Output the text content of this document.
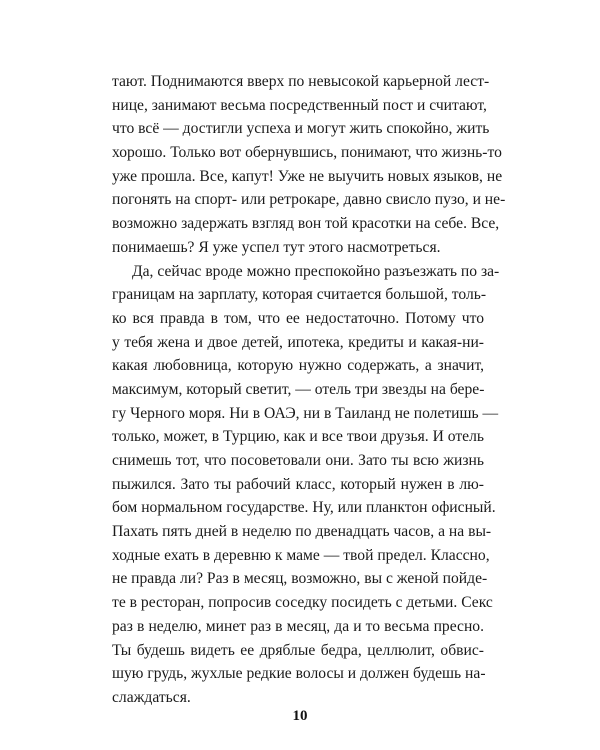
тают. Поднимаются вверх по невысокой карьерной лест-
нице, занимают весьма посредственный пост и считают,
что всё — достигли успеха и могут жить спокойно, жить
хорошо. Только вот обернувшись, понимают, что жизнь-то
уже прошла. Все, капут! Уже не выучить новых языков, не
погонять на спорт- или ретрокаре, давно свисло пузо, и не-
возможно задержать взгляд вон той красотки на себе. Все,
понимаешь? Я уже успел тут этого насмотреться.
Да, сейчас вроде можно преспокойно разъезжать по за-
границам на зарплату, которая считается большой, толь-
ко вся правда в том, что ее недостаточно. Потому что
у тебя жена и двое детей, ипотека, кредиты и какая-ни-
какая любовница, которую нужно содержать, а значит,
максимум, который светит, — отель три звезды на бере-
гу Черного моря. Ни в ОАЭ, ни в Таиланд не полетишь —
только, может, в Турцию, как и все твои друзья. И отель
снимешь тот, что посоветовали они. Зато ты всю жизнь
пыжился. Зато ты рабочий класс, который нужен в лю-
бом нормальном государстве. Ну, или планктон офисный.
Пахать пять дней в неделю по двенадцать часов, а на вы-
ходные ехать в деревню к маме — твой предел. Классно,
не правда ли? Раз в месяц, возможно, вы с женой пойде-
те в ресторан, попросив соседку посидеть с детьми. Секс
раз в неделю, минет раз в месяц, да и то весьма пресно.
Ты будешь видеть ее дряблые бедра, целлюлит, обвис-
шую грудь, жухлые редкие волосы и должен будешь на-
слаждаться.
10
